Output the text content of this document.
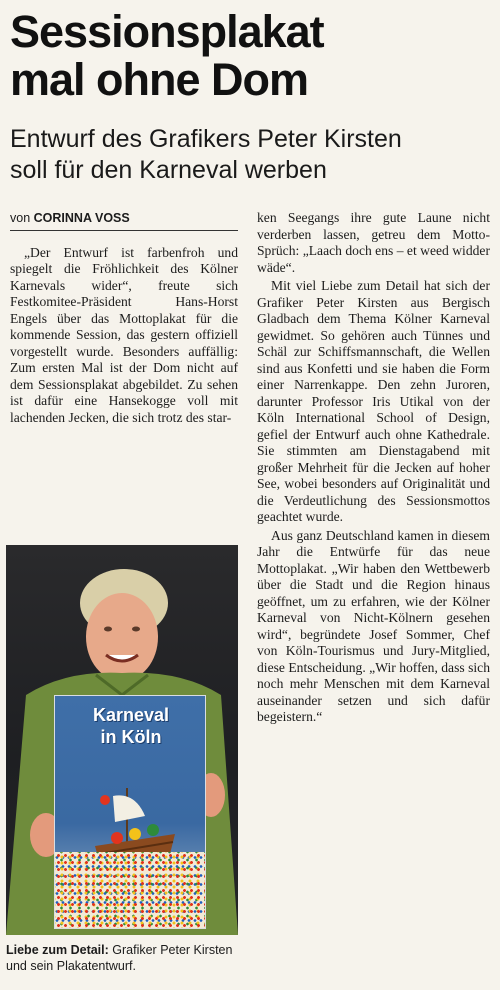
Sessionsplakat
mal ohne Dom
Entwurf des Grafikers Peter Kirsten
soll für den Karneval werben
von CORINNA VOSS

„Der Entwurf ist farbenfroh und spiegelt die Fröhlichkeit des Kölner Karnevals wider“, freute sich Festkomitee-Präsident Hans-Horst Engels über das Mottoplakat für die kommende Session, das gestern offiziell vorgestellt wurde. Besonders auffällig: Zum ersten Mal ist der Dom nicht auf dem Sessionsplakat abgebildet. Zu sehen ist dafür eine Hansekogge voll mit lachenden Jecken, die sich trotz des star-

ken Seegangs ihre gute Laune nicht verderben lassen, getreu dem Motto-Sprüch: „Laach doch ens – et weed widder wäde“.

Mit viel Liebe zum Detail hat sich der Grafiker Peter Kirsten aus Bergisch Gladbach dem Thema Kölner Karneval gewidmet. So gehören auch Tünnes und Schäl zur Schiffsmannschaft, die Wellen sind aus Konfetti und sie haben die Form einer Narrenkappe. Den zehn Juroren, darunter Professor Iris Utikal von der Köln International School of Design, gefiel der Entwurf auch ohne Kathedrale. Sie stimmten am Dienstagabend mit großer Mehrheit für die Jecken auf hoher See, wobei besonders auf Originalität und die Verdeutlichung des Sessionsmottos geachtet wurde.

Aus ganz Deutschland kamen in diesem Jahr die Entwürfe für das neue Mottoplakat. „Wir haben den Wettbewerb über die Stadt und die Region hinaus geöffnet, um zu erfahren, wie der Kölner Karneval von Nicht-Kölnern gesehen wird“, begründete Josef Sommer, Chef von Köln-Tourismus und Jury-Mitglied, diese Entscheidung. „Wir hoffen, dass sich noch mehr Menschen mit dem Karneval auseinander setzen und sich dafür begeistern.“

Karneval
in Köln
Liebe zum Detail: Grafiker Peter Kirsten und sein Plakatentwurf.
